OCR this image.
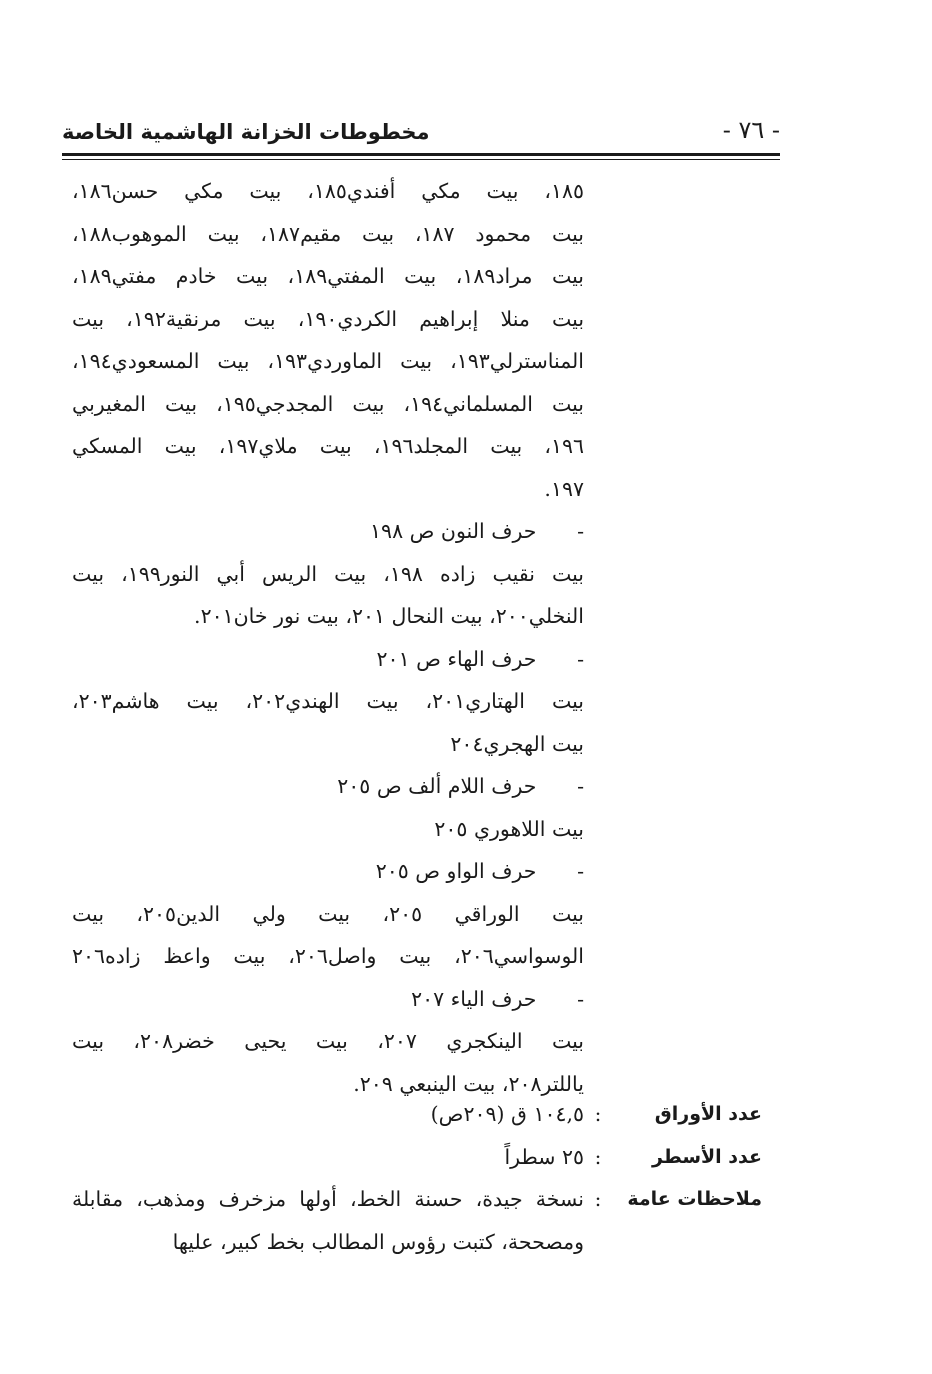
مخطوطات الخزانة الهاشمية الخاصة	- ٧٦ -
١٨٥، بيت مكي أفندي١٨٥، بيت مكي حسن١٨٦،
بيت محمود ١٨٧، بيت مقيم١٨٧، بيت الموهوب١٨٨،
بيت مراد١٨٩، بيت المفتي١٨٩، بيت خادم مفتي١٨٩،
بيت منلا إبراهيم الكردي١٩٠، بيت مرنقية١٩٢، بيت
المناسترلي١٩٣، بيت الماوردي١٩٣، بيت المسعودي١٩٤،
بيت المسلماني١٩٤، بيت المجدجي١٩٥، بيت المغيربي
١٩٦، بيت المجلد١٩٦، بيت ملاي١٩٧، بيت المسكي
١٩٧.
-   حرف النون ص ١٩٨
بيت نقيب زاده ١٩٨، بيت الريس أبي النور١٩٩، بيت
النخلي٢٠٠، بيت النحال ٢٠١، بيت نور خان٢٠١.
-   حرف الهاء ص ٢٠١
بيت الهتاري٢٠١، بيت الهندي٢٠٢، بيت هاشم٢٠٣،
بيت الهجري٢٠٤
-   حرف اللام ألف ص ٢٠٥
بيت اللاهوري ٢٠٥
-   حرف الواو ص ٢٠٥
بيت الوراقي ٢٠٥، بيت ولي الدين٢٠٥، بيت
الوسواسي٢٠٦، بيت واصل٢٠٦، بيت واعظ زاده٢٠٦
-   حرف الياء ٢٠٧
بيت الينكجري ٢٠٧، بيت يحيى خضر٢٠٨، بيت
ياللتر٢٠٨، بيت الينبعي ٢٠٩.
عدد الأوراق
:
١٠٤,٥ ق (٢٠٩ص)
عدد الأسطر
:
٢٥ سطراً
ملاحظات عامة
:
نسخة جيدة، حسنة الخط، أولها مزخرف ومذهب، مقابلة
ومصححة، كتبت رؤوس المطالب بخط كبير، عليها
